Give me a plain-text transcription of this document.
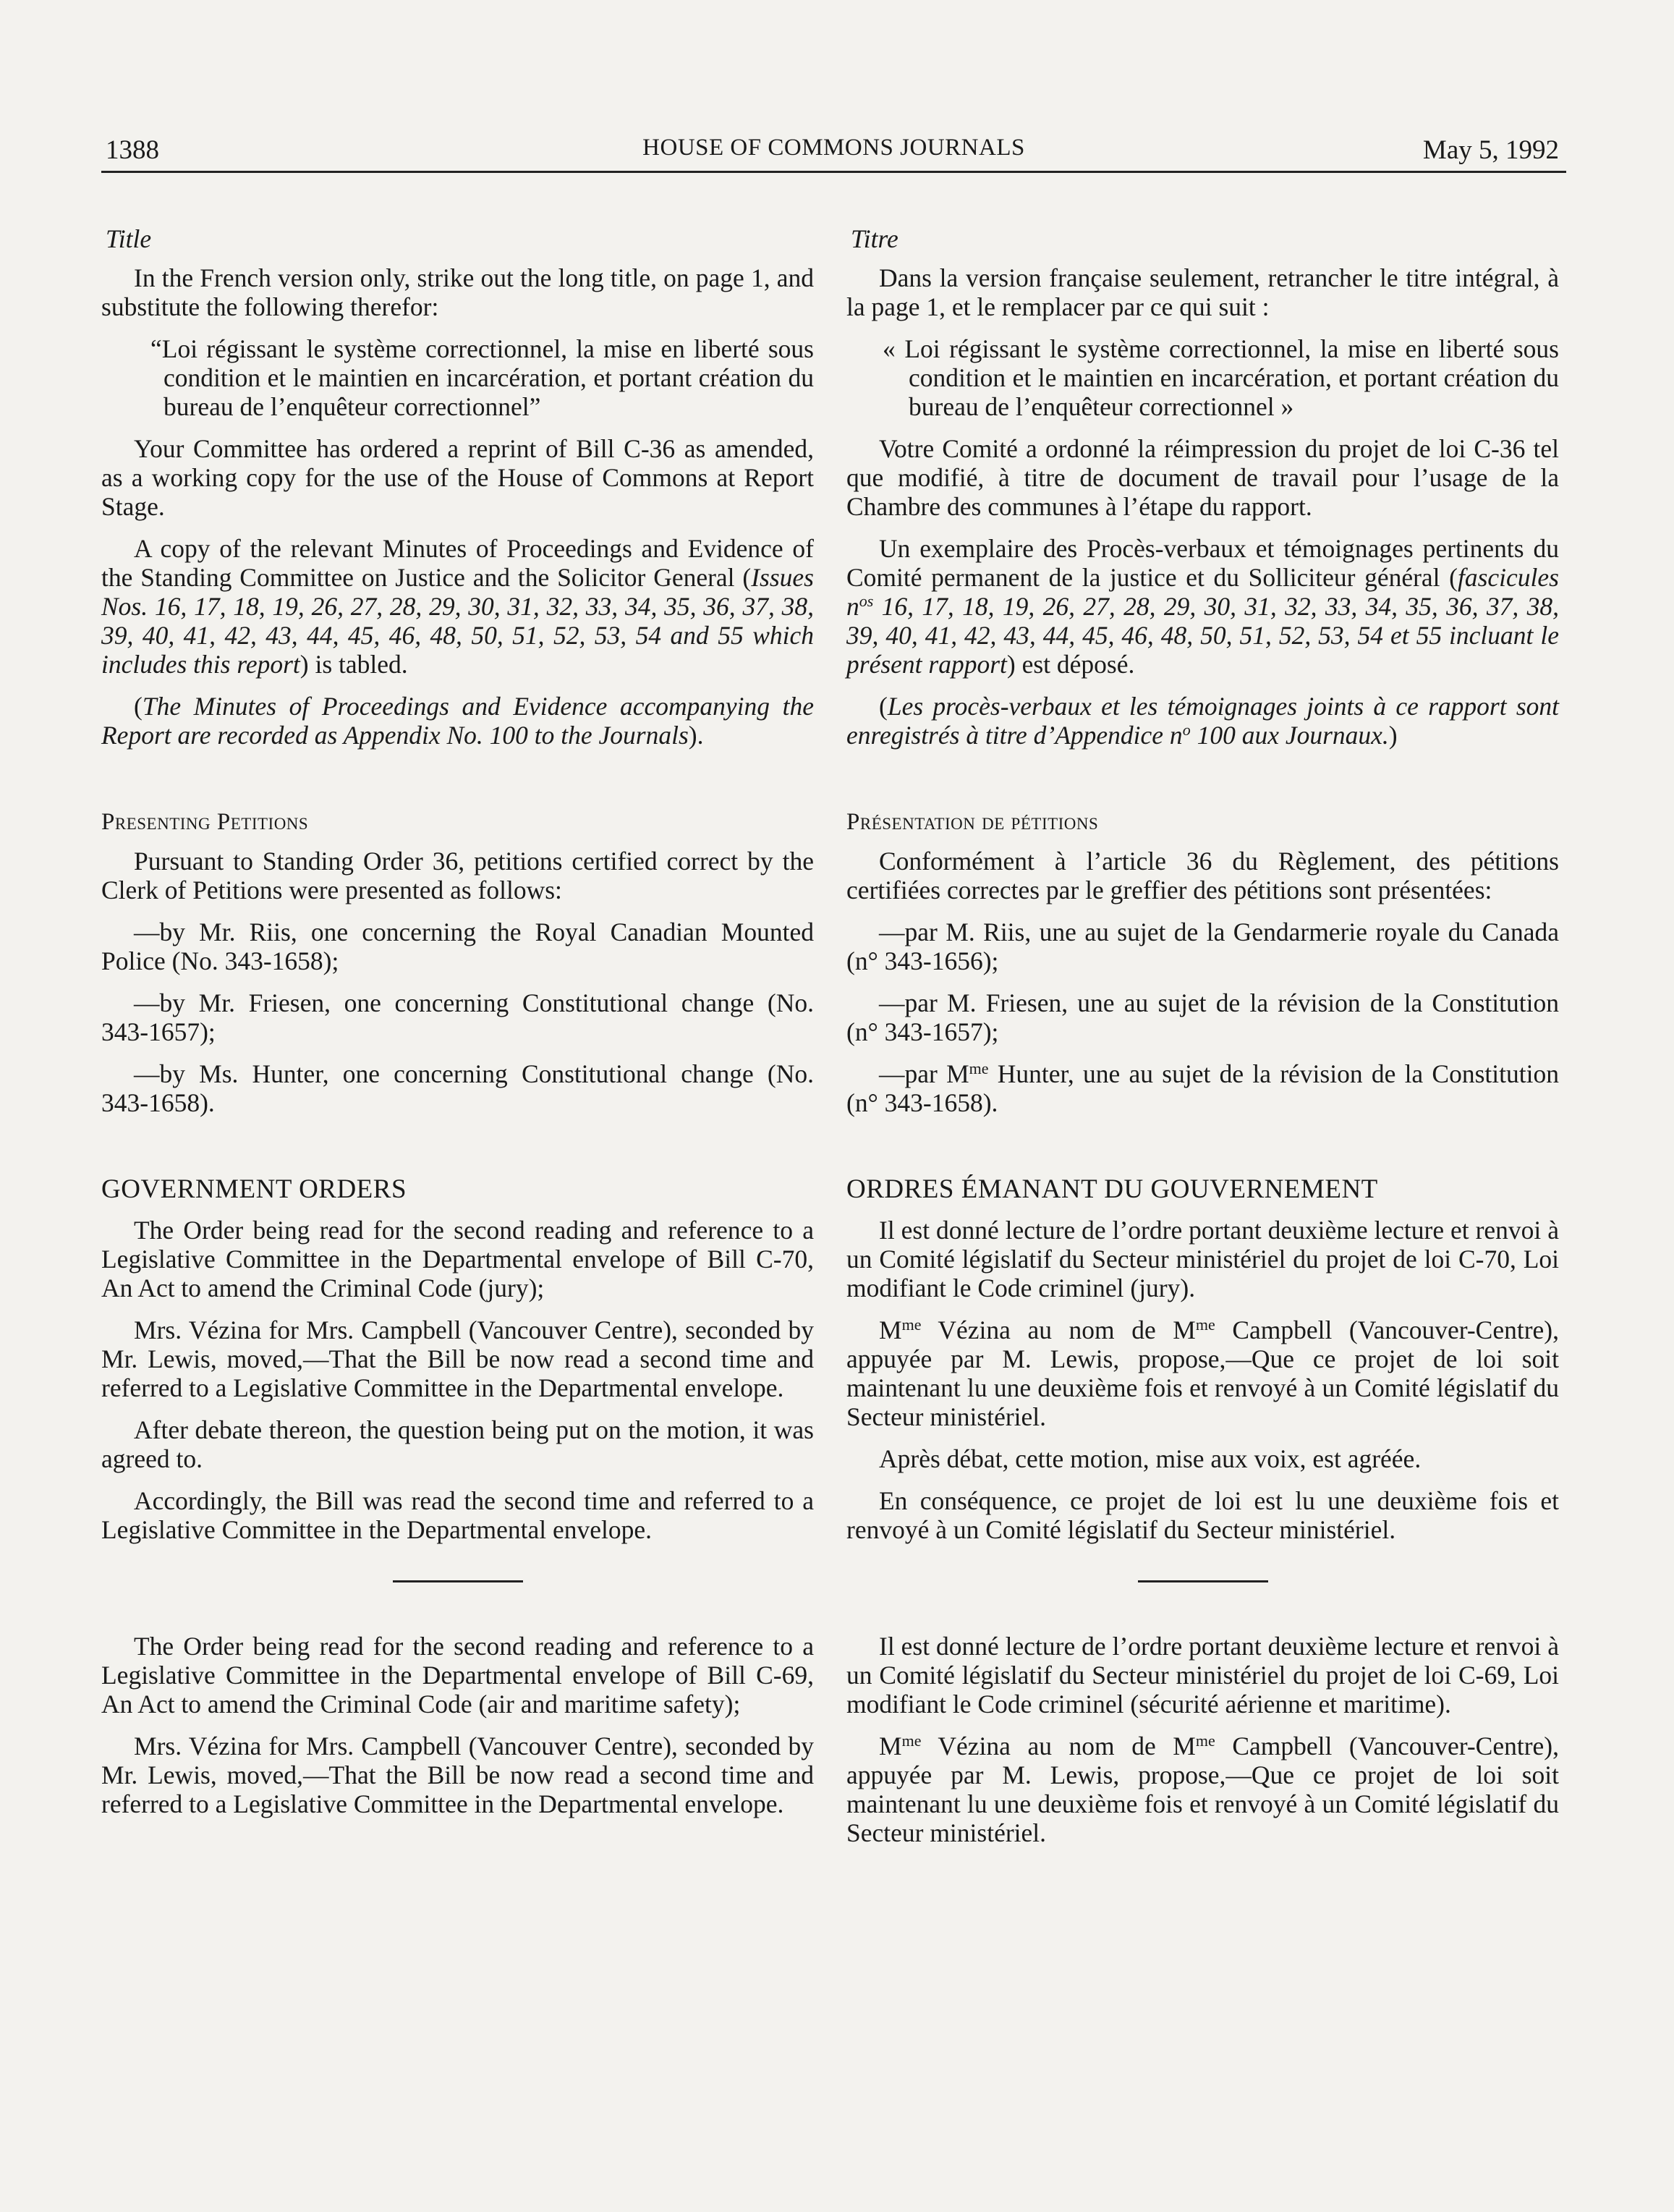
1388	HOUSE OF COMMONS JOURNALS	May 5, 1992
Title

In the French version only, strike out the long title, on page 1, and substitute the following therefor:

“Loi régissant le système correctionnel, la mise en liberté sous condition et le maintien en incarcération, et portant création du bureau de l’enquêteur correctionnel”

Your Committee has ordered a reprint of Bill C-36 as amended, as a working copy for the use of the House of Commons at Report Stage.

A copy of the relevant Minutes of Proceedings and Evidence of the Standing Committee on Justice and the Solicitor General (Issues Nos. 16, 17, 18, 19, 26, 27, 28, 29, 30, 31, 32, 33, 34, 35, 36, 37, 38, 39, 40, 41, 42, 43, 44, 45, 46, 48, 50, 51, 52, 53, 54 and 55 which includes this report) is tabled.

(The Minutes of Proceedings and Evidence accompanying the Report are recorded as Appendix No. 100 to the Journals).

Presenting Petitions

Pursuant to Standing Order 36, petitions certified correct by the Clerk of Petitions were presented as follows:

—by Mr. Riis, one concerning the Royal Canadian Mounted Police (No. 343-1658);

—by Mr. Friesen, one concerning Constitutional change (No. 343-1657);

—by Ms. Hunter, one concerning Constitutional change (No. 343-1658).

GOVERNMENT ORDERS

The Order being read for the second reading and reference to a Legislative Committee in the Departmental envelope of Bill C-70, An Act to amend the Criminal Code (jury);

Mrs. Vézina for Mrs. Campbell (Vancouver Centre), seconded by Mr. Lewis, moved,—That the Bill be now read a second time and referred to a Legislative Committee in the Departmental envelope.

After debate thereon, the question being put on the motion, it was agreed to.

Accordingly, the Bill was read the second time and referred to a Legislative Committee in the Departmental envelope.

The Order being read for the second reading and reference to a Legislative Committee in the Departmental envelope of Bill C-69, An Act to amend the Criminal Code (air and maritime safety);

Mrs. Vézina for Mrs. Campbell (Vancouver Centre), seconded by Mr. Lewis, moved,—That the Bill be now read a second time and referred to a Legislative Committee in the Departmental envelope.

Titre

Dans la version française seulement, retrancher le titre intégral, à la page 1, et le remplacer par ce qui suit :

« Loi régissant le système correctionnel, la mise en liberté sous condition et le maintien en incarcération, et portant création du bureau de l’enquêteur correctionnel »

Votre Comité a ordonné la réimpression du projet de loi C-36 tel que modifié, à titre de document de travail pour l’usage de la Chambre des communes à l’étape du rapport.

Un exemplaire des Procès-verbaux et témoignages pertinents du Comité permanent de la justice et du Solliciteur général (fascicules $n^{os}$ 16, 17, 18, 19, 26, 27, 28, 29, 30, 31, 32, 33, 34, 35, 36, 37, 38, 39, 40, 41, 42, 43, 44, 45, 46, 48, 50, 51, 52, 53, 54 et 55 incluant le présent rapport) est déposé.

(Les procès-verbaux et les témoignages joints à ce rapport sont enregistrés à titre d’Appendice $n^o$ 100 aux Journaux.)

Présentation de pétitions

Conformément à l’article 36 du Règlement, des pétitions certifiées correctes par le greffier des pétitions sont présentées:

—par M. Riis, une au sujet de la Gendarmerie royale du Canada (n° 343-1656);

—par M. Friesen, une au sujet de la révision de la Constitution (n° 343-1657);

—par $M^{me}$ Hunter, une au sujet de la révision de la Constitution (n° 343-1658).

ORDRES ÉMANANT DU GOUVERNEMENT

Il est donné lecture de l’ordre portant deuxième lecture et renvoi à un Comité législatif du Secteur ministériel du projet de loi C-70, Loi modifiant le Code criminel (jury).

$M^{me}$ Vézina au nom de $M^{me}$ Campbell (Vancouver-Centre), appuyée par M. Lewis, propose,—Que ce projet de loi soit maintenant lu une deuxième fois et renvoyé à un Comité législatif du Secteur ministériel.

Après débat, cette motion, mise aux voix, est agréée.

En conséquence, ce projet de loi est lu une deuxième fois et renvoyé à un Comité législatif du Secteur ministériel.

Il est donné lecture de l’ordre portant deuxième lecture et renvoi à un Comité législatif du Secteur ministériel du projet de loi C-69, Loi modifiant le Code criminel (sécurité aérienne et maritime).

$M^{me}$ Vézina au nom de $M^{me}$ Campbell (Vancouver-Centre), appuyée par M. Lewis, propose,—Que ce projet de loi soit maintenant lu une deuxième fois et renvoyé à un Comité législatif du Secteur ministériel.
